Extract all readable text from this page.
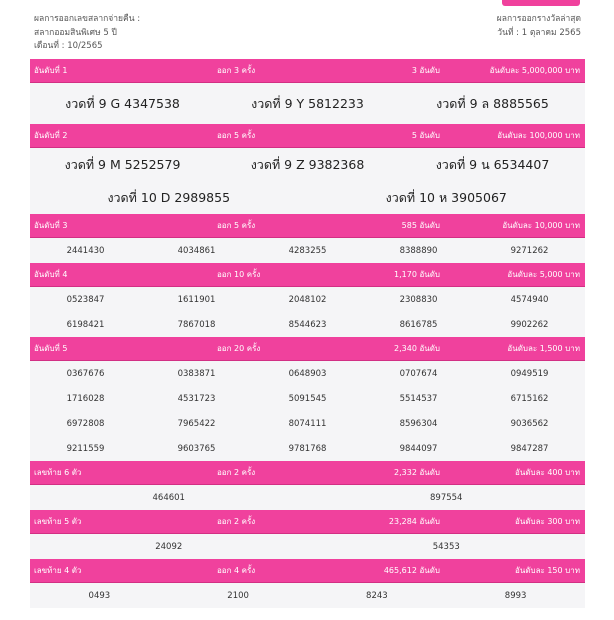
ผลการออกเลขสลากจ่ายคืน :
สลากออมสินพิเศษ 5 ปี
เดือนที่ : 10/2565
ผลการออกรางวัลล่าสุด
วันที่ : 1 ตุลาคม 2565
อันดับที่ 1	ออก 3 ครั้ง	3 อันดับ	อันดับละ 5,000,000 บาท
งวดที่ 9 G 4347538	งวดที่ 9 Y 5812233	งวดที่ 9 ล 8885565
อันดับที่ 2	ออก 5 ครั้ง	5 อันดับ	อันดับละ 100,000 บาท
งวดที่ 9 M 5252579	งวดที่ 9 Z 9382368	งวดที่ 9 น 6534407
งวดที่ 10 D 2989855	งวดที่ 10 ห 3905067
อันดับที่ 3	ออก 5 ครั้ง	585 อันดับ	อันดับละ 10,000 บาท
2441430	4034861	4283255	8388890	9271262
อันดับที่ 4	ออก 10 ครั้ง	1,170 อันดับ	อันดับละ 5,000 บาท
0523847	1611901	2048102	2308830	4574940
6198421	7867018	8544623	8616785	9902262
อันดับที่ 5	ออก 20 ครั้ง	2,340 อันดับ	อันดับละ 1,500 บาท
0367676	0383871	0648903	0707674	0949519
1716028	4531723	5091545	5514537	6715162
6972808	7965422	8074111	8596304	9036562
9211559	9603765	9781768	9844097	9847287
เลขท้าย 6 ตัว	ออก 2 ครั้ง	2,332 อันดับ	อันดับละ 400 บาท
464601	897554
เลขท้าย 5 ตัว	ออก 2 ครั้ง	23,284 อันดับ	อันดับละ 300 บาท
24092	54353
เลขท้าย 4 ตัว	ออก 4 ครั้ง	465,612 อันดับ	อันดับละ 150 บาท
0493	2100	8243	8993
